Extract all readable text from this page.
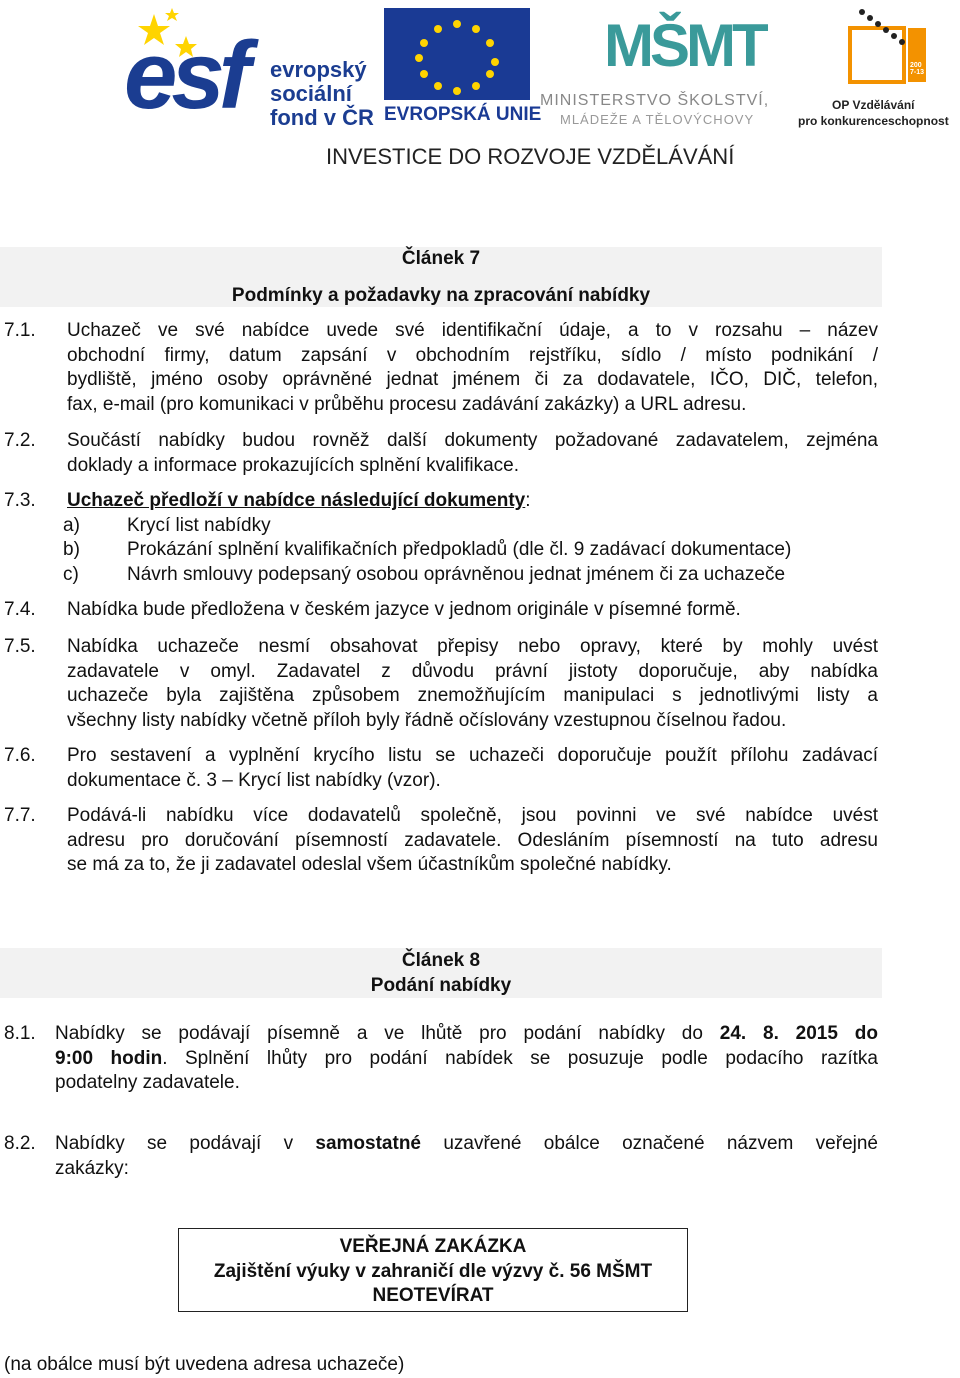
esf evropský
sociální
fond v ČR EVROPSKÁ UNIE
MŠMT
MINISTERSTVO ŠKOLSTVÍ,
MLÁDEŽE A TĚLOVÝCHOVY
2007-13
OP Vzdělávání
pro konkurenceschopnost
INVESTICE DO ROZVOJE VZDĚLÁVÁNÍ
Článek 7
Podmínky a požadavky na zpracování nabídky
7.1. Uchazeč ve své nabídce uvede své identifikační údaje, a to v rozsahu – název
obchodní firmy, datum zapsání v obchodním rejstříku, sídlo / místo podnikání /
bydliště, jméno osoby oprávněné jednat jménem či za dodavatele, IČO, DIČ, telefon,
fax, e-mail (pro komunikaci v průběhu procesu zadávání zakázky) a URL adresu.
7.2. Součástí nabídky budou rovněž další dokumenty požadované zadavatelem, zejména
doklady a informace prokazujících splnění kvalifikace.
7.3. Uchazeč předloží v nabídce následující dokumenty:
a) Krycí list nabídky
b) Prokázání splnění kvalifikačních předpokladů (dle čl. 9 zadávací dokumentace)
c)	Návrh smlouvy podepsaný osobou oprávněnou jednat jménem či za uchazeče
7.4. Nabídka bude předložena v českém jazyce v jednom originále v písemné formě.
7.5. Nabídka uchazeče nesmí obsahovat přepisy nebo opravy, které by mohly uvést
zadavatele v omyl. Zadavatel z důvodu právní jistoty doporučuje, aby nabídka
uchazeče byla zajištěna způsobem znemožňujícím manipulaci s jednotlivými listy a
všechny listy nabídky včetně příloh byly řádně očíslovány vzestupnou číselnou řadou.
7.6. Pro sestavení a vyplnění krycího listu se uchazeči doporučuje použít přílohu zadávací
dokumentace č. 3 – Krycí list nabídky (vzor).
7.7. Podává-li nabídku více dodavatelů společně, jsou povinni ve své nabídce uvést
adresu pro doručování písemností zadavatele. Odesláním písemností na tuto adresu
se má za to, že ji zadavatel odeslal všem účastníkům společné nabídky.
Článek 8
Podání nabídky
8.1. Nabídky se podávají písemně a ve lhůtě pro podání nabídky do 24. 8. 2015 do
9:00 hodin. Splnění lhůty pro podání nabídek se posuzuje podle podacího razítka
podatelny zadavatele.
8.2. Nabídky se podávají v samostatné uzavřené obálce označené názvem veřejné
zakázky:
VEŘEJNÁ ZAKÁZKA
Zajištění výuky v zahraničí dle výzvy č. 56 MŠMT
NEOTEVÍRAT
(na obálce musí být uvedena adresa uchazeče)
